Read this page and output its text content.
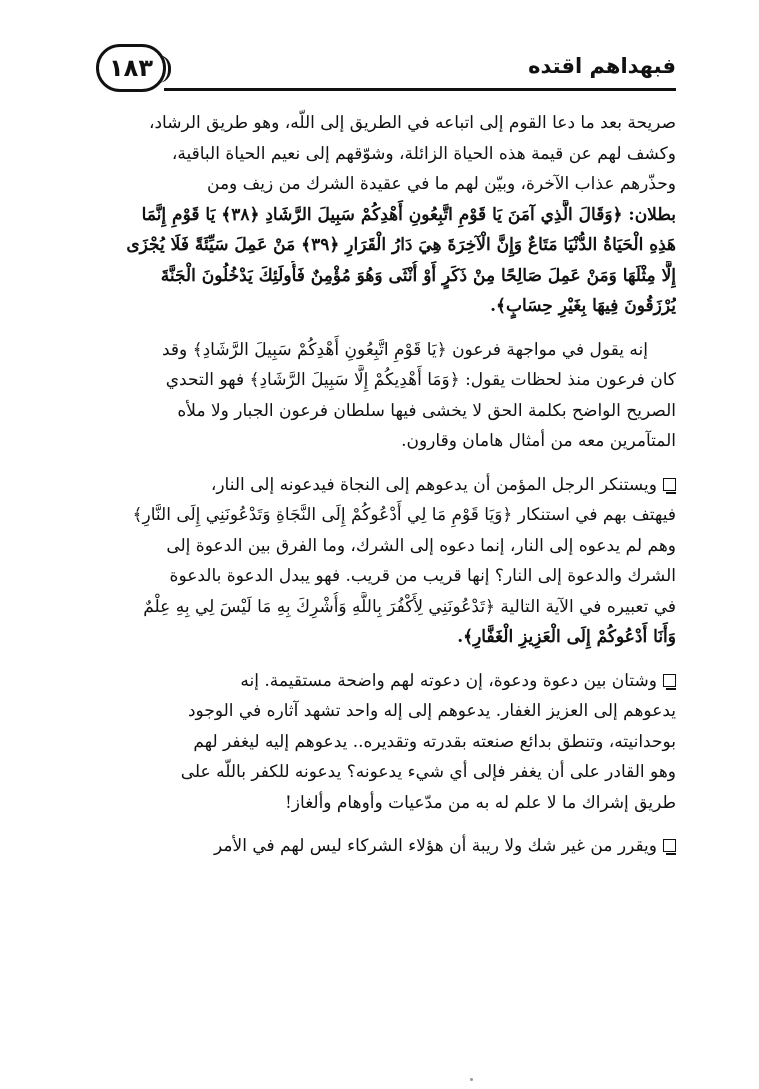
١٨٣	فبهداهم اقتده

صريحة بعد ما دعا القوم إلى اتباعه في الطريق إلى اللّه، وهو طريق الرشاد،
وكشف لهم عن قيمة هذه الحياة الزائلة، وشوّقهم إلى نعيم الحياة الباقية،
وحذّرهم عذاب الآخرة، وبيّن لهم ما في عقيدة الشرك من زيف ومن
بطلان: ﴿وَقَالَ الَّذِي آمَنَ يَا قَوْمِ اتَّبِعُونِ أَهْدِكُمْ سَبِيلَ الرَّشَادِ ﴿٣٨﴾ يَا قَوْمِ إِنَّمَا
هَذِهِ الْحَيَاةُ الدُّنْيَا مَتَاعٌ وَإِنَّ الْآخِرَةَ هِيَ دَارُ الْقَرَارِ ﴿٣٩﴾ مَنْ عَمِلَ سَيِّئَةً فَلَا يُجْزَى
إِلَّا مِثْلَهَا وَمَنْ عَمِلَ صَالِحًا مِنْ ذَكَرٍ أَوْ أُنْثَى وَهُوَ مُؤْمِنٌ فَأُولَئِكَ يَدْخُلُونَ الْجَنَّةَ
يُرْزَقُونَ فِيهَا بِغَيْرِ حِسَابٍ﴾.

إنه يقول في مواجهة فرعون ﴿يَا قَوْمِ اتَّبِعُونِ أَهْدِكُمْ سَبِيلَ الرَّشَادِ﴾ وقد
كان فرعون منذ لحظات يقول: ﴿وَمَا أَهْدِيكُمْ إِلَّا سَبِيلَ الرَّشَادِ﴾ فهو التحدي
الصريح الواضح بكلمة الحق لا يخشى فيها سلطان فرعون الجبار ولا ملأه
المتآمرين معه من أمثال هامان وقارون.

ويستنكر الرجل المؤمن أن يدعوهم إلى النجاة فيدعونه إلى النار،
فيهتف بهم في استنكار ﴿وَيَا قَوْمِ مَا لِي أَدْعُوكُمْ إِلَى النَّجَاةِ وَتَدْعُونَنِي إِلَى النَّارِ﴾
وهم لم يدعوه إلى النار، إنما دعوه إلى الشرك، وما الفرق بين الدعوة إلى
الشرك والدعوة إلى النار؟ إنها قريب من قريب. فهو يبدل الدعوة بالدعوة
في تعبيره في الآية التالية ﴿تَدْعُونَنِي لِأَكْفُرَ بِاللَّهِ وَأُشْرِكَ بِهِ مَا لَيْسَ لِي بِهِ عِلْمٌ
وَأَنَا أَدْعُوكُمْ إِلَى الْعَزِيزِ الْغَفَّارِ﴾.

وشتان بين دعوة ودعوة، إن دعوته لهم واضحة مستقيمة. إنه
يدعوهم إلى العزيز الغفار. يدعوهم إلى إله واحد تشهد آثاره في الوجود
بوحدانيته، وتنطق بدائع صنعته بقدرته وتقديره.. يدعوهم إليه ليغفر لهم
وهو القادر على أن يغفر فإلى أي شيء يدعونه؟ يدعونه للكفر باللّه على
طريق إشراك ما لا علم له به من مدّعيات وأوهام وألغاز!

ويقرر من غير شك ولا ريبة أن هؤلاء الشركاء ليس لهم في الأمر
